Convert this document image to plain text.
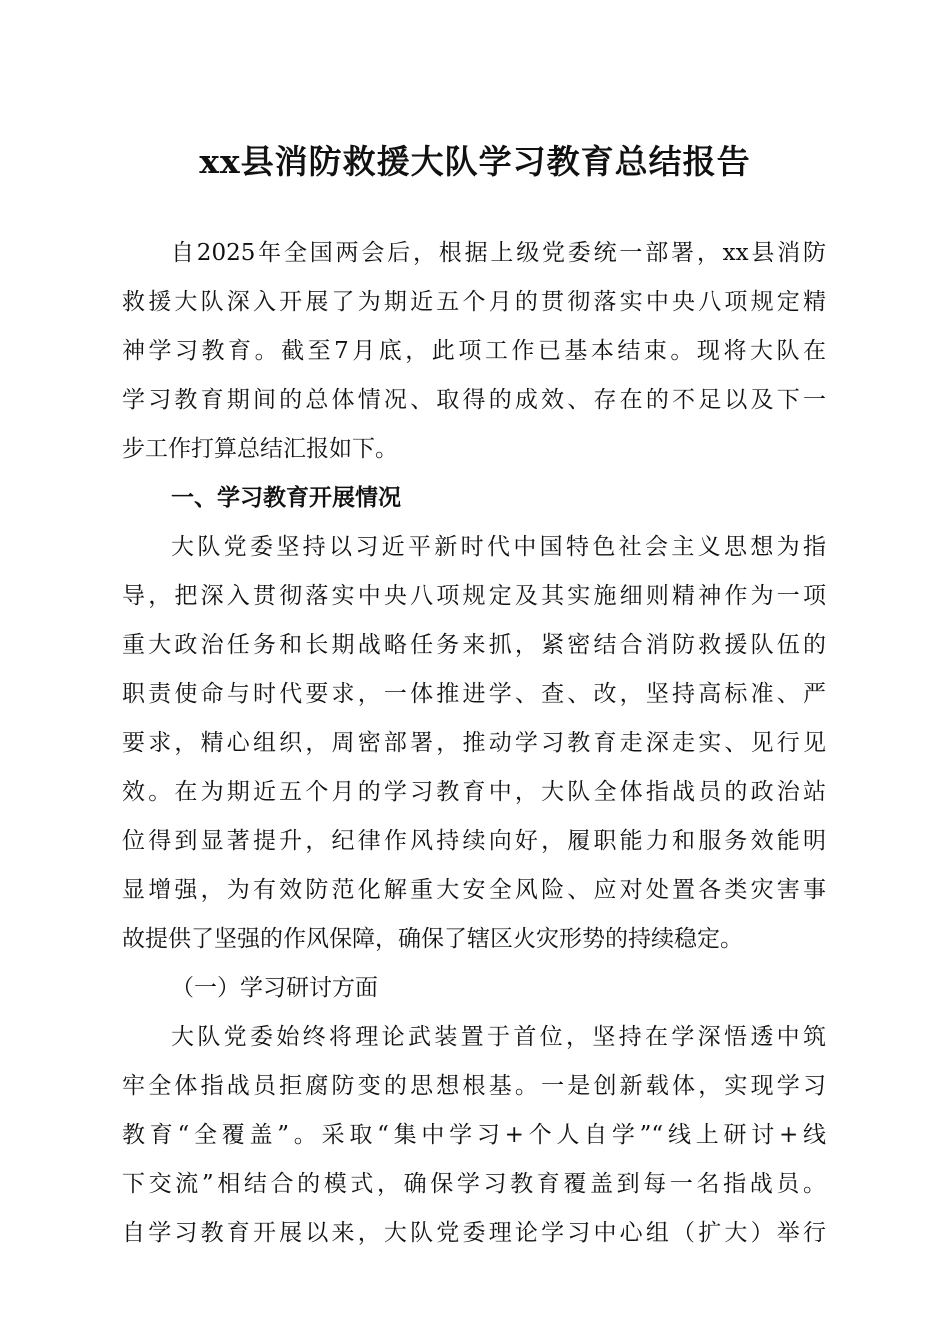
xx县消防救援大队学习教育总结报告
自2025年全国两会后，根据上级党委统一部署，xx县消防
救援大队深入开展了为期近五个月的贯彻落实中央八项规定精
神学习教育。截至7月底，此项工作已基本结束。现将大队在
学习教育期间的总体情况、取得的成效、存在的不足以及下一
步工作打算总结汇报如下。
一、学习教育开展情况
大队党委坚持以习近平新时代中国特色社会主义思想为指
导，把深入贯彻落实中央八项规定及其实施细则精神作为一项
重大政治任务和长期战略任务来抓，紧密结合消防救援队伍的
职责使命与时代要求，一体推进学、查、改，坚持高标准、严
要求，精心组织，周密部署，推动学习教育走深走实、见行见
效。在为期近五个月的学习教育中，大队全体指战员的政治站
位得到显著提升，纪律作风持续向好，履职能力和服务效能明
显增强，为有效防范化解重大安全风险、应对处置各类灾害事
故提供了坚强的作风保障，确保了辖区火灾形势的持续稳定。
（一）学习研讨方面
大队党委始终将理论武装置于首位，坚持在学深悟透中筑
牢全体指战员拒腐防变的思想根基。一是创新载体，实现学习
教育“全覆盖”。采取“集中学习+个人自学”“线上研讨+线
下交流”相结合的模式，确保学习教育覆盖到每一名指战员。
自学习教育开展以来，大队党委理论学习中心组（扩大）举行
